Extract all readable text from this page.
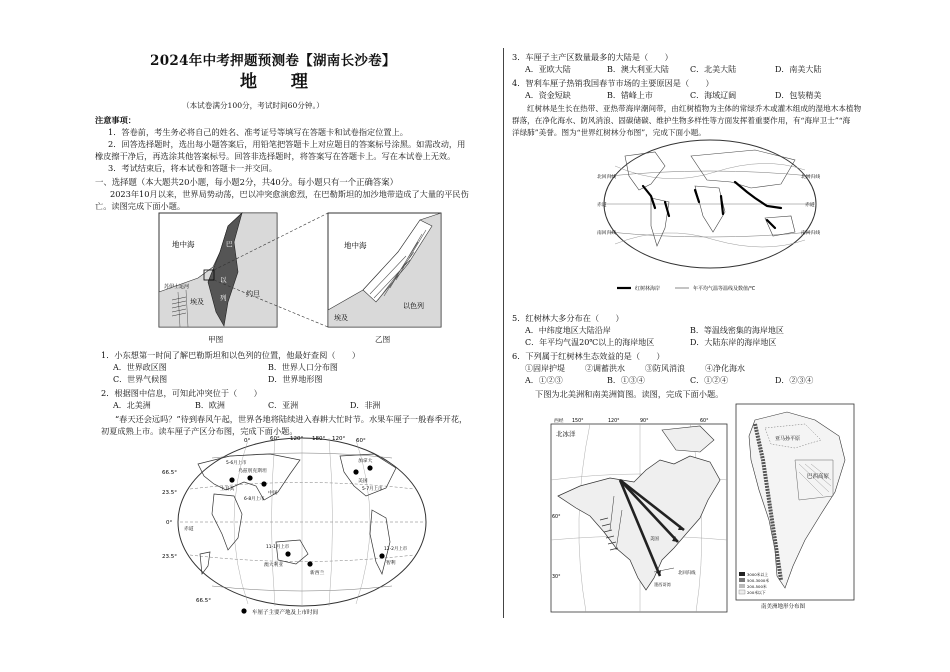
2024年中考押题预测卷【湖南长沙卷】
地 理
（本试卷满分100分，考试时间60分钟。）
注意事项：
1．答卷前，考生务必将自己的姓名、准考证号等填写在答题卡和试卷指定位置上。
2．回答选择题时，选出每小题答案后，用铅笔把答题卡上对应题目的答案标号涂黑。如需改动，用
橡皮擦干净后，再选涂其他答案标号。回答非选择题时，将答案写在答题卡上。写在本试卷上无效。
3．考试结束后，将本试卷和答题卡一并交回。
一、选择题（本大题共20小题，每小题2分，共40分。每小题只有一个正确答案）
2023年10月以来，世界局势动荡，巴以冲突愈演愈烈，在巴勒斯坦的加沙地带造成了大量的平民伤
亡。读图完成下面小题。
地中海
埃及
约旦
巴
以
列
苏伊士运河
地中海
埃及
以色列
甲图	乙图
1．小东想第一时间了解巴勒斯坦和以色列的位置，他最好查阅（　　）
A．世界政区图	B．世界人口分布图
C．世界气候图	D．世界地形图
2．根据图中信息，可知此冲突位于（　　）
A．北美洲	B．欧洲	C．亚洲	D．非洲
“春天还会远吗？”待到春风午起，世界各地将陆续进入春耕大忙时节。水果车厘子一般春季开花，
初夏成熟上市。读车厘子产区分布图，完成下面小题。
66.5°
23.5°
0°
23.5°
66.5°
0°	60° 120° 180° 120° 60°
乌兹别克斯坦
土耳其
中国
美国
加拿大
智利
澳大利亚
新西兰
赤道
5-6月上市
6-8月上市
5-7月上市
11-1月上市	12-2月上市
车厘子主要产地及上市时间
3．车厘子主产区数量最多的大陆是（　　）
A．亚欧大陆	B．澳大利亚大陆	C．北美大陆	D．南美大陆
4．智利车厘子热销我国春节市场的主要原因是（　　）
A．资金短缺	B．错峰上市	C．海域辽阔	D．包装精美
红树林是生长在热带、亚热带海岸潮间带，由红树植物为主体的常绿乔木或灌木组成的湿地木本植物
群落，在净化海水、防风消浪、固碳储碳、维护生物多样性等方面发挥着重要作用，有“海岸卫士”“海
洋绿肺”美誉。图为“世界红树林分布图”，完成下面小题。
北回归线
赤道
南回归线
北回归线
赤道
南回归线
红树林海岸	年平均气温等温线及数值/℃
5．红树林大多分布在（　　）
A．中纬度地区大陆沿岸	B．等温线密集的海岸地区
C．年平均气温20℃以上的海岸地区	D．大陆东岸的海岸地区
6．下列属于红树林生态效益的是（　　）
①固岸护堤	②调蓄洪水	③防风消浪	④净化海水
A．①②③	B．①③④	C．①②④	D．②③④
下图为北美洲和南美洲简图。读图，完成下面小题。
北冰洋
西经	120°	60°
60°
30°
150°	90°
北回归线
美国
墨西哥湾
巴西高原
亚马孙平原
3000米以上
500-3000米
200-500米
200米以下
南美洲地形分布图
